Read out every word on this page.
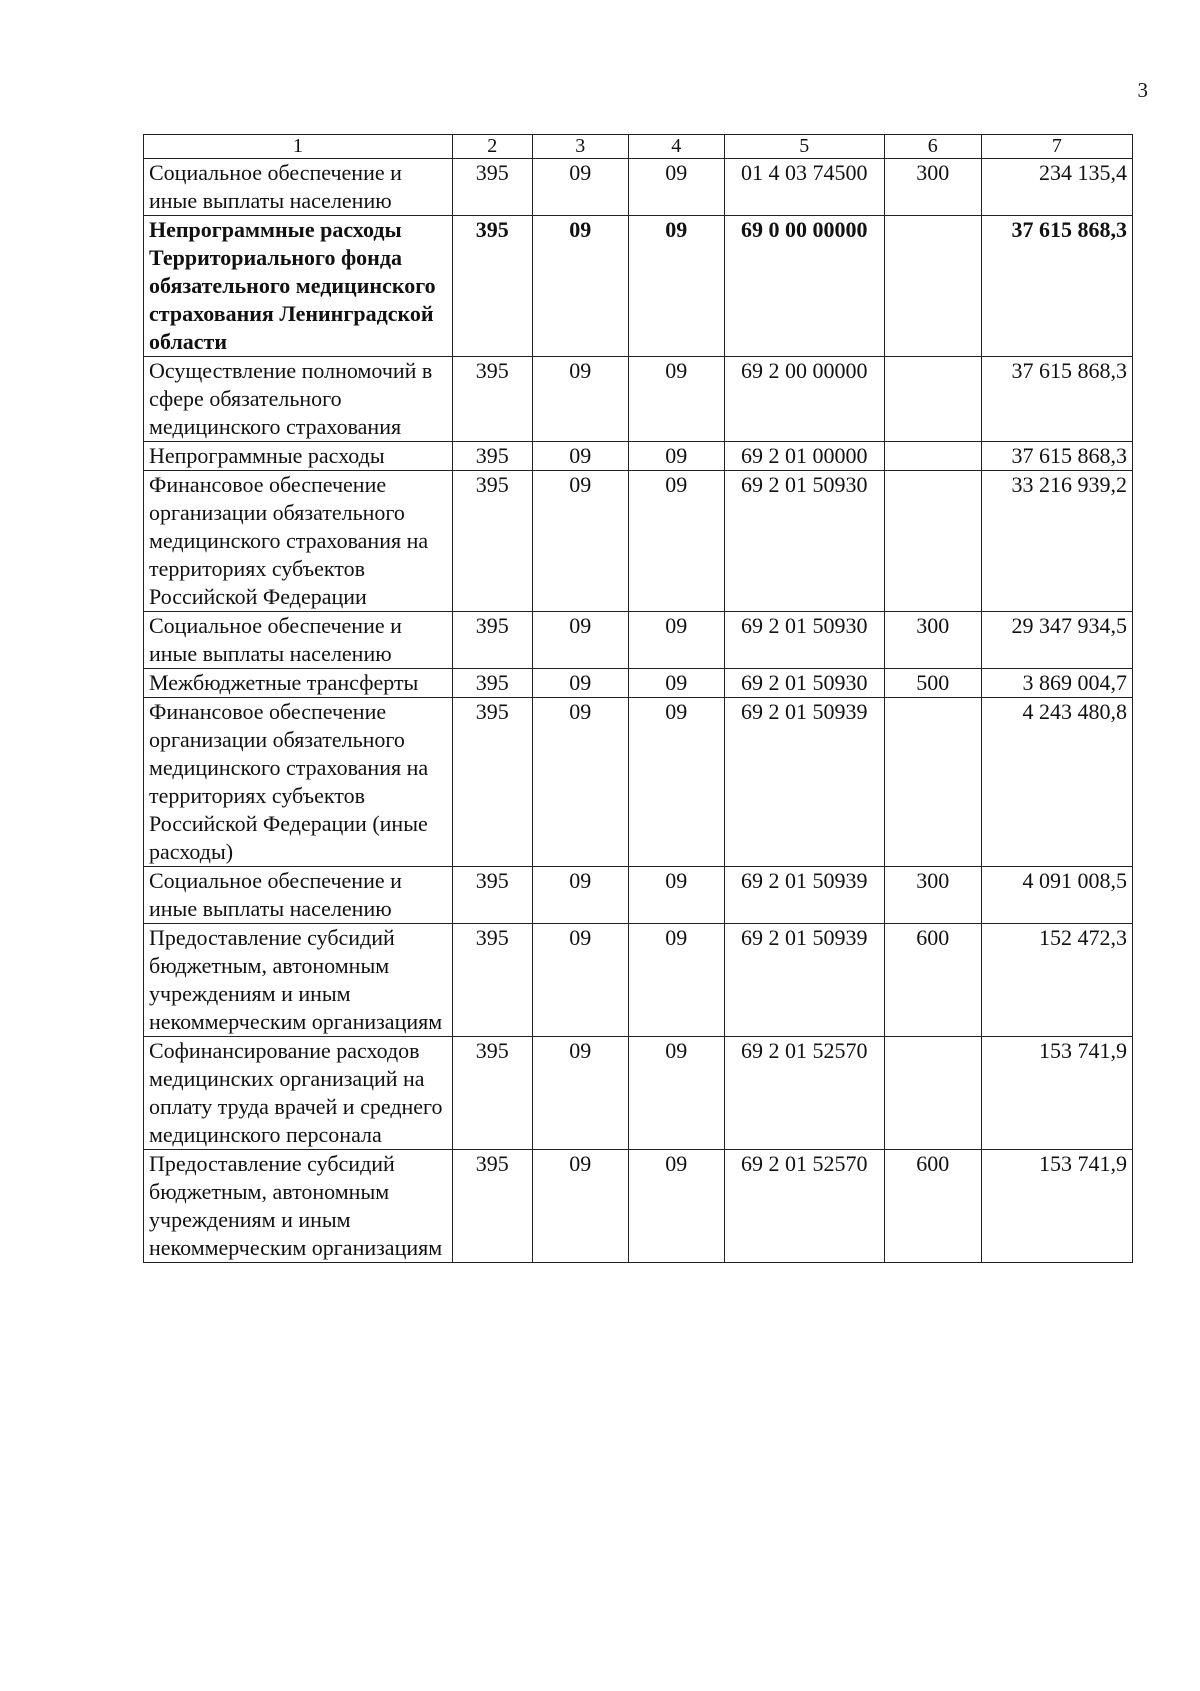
3
1	2	3	4	5	6	7
Социальное обеспечение и иные выплаты населению	395	09	09	01 4 03 74500	300	234 135,4
Непрограммные расходы Территориального фонда обязательного медицинского страхования Ленинградской области	395	09	09	69 0 00 00000		37 615 868,3
Осуществление полномочий в сфере обязательного медицинского страхования	395	09	09	69 2 00 00000		37 615 868,3
Непрограммные расходы	395	09	09	69 2 01 00000		37 615 868,3
Финансовое обеспечение организации обязательного медицинского страхования на территориях субъектов Российской Федерации	395	09	09	69 2 01 50930		33 216 939,2
Социальное обеспечение и иные выплаты населению	395	09	09	69 2 01 50930	300	29 347 934,5
Межбюджетные трансферты	395	09	09	69 2 01 50930	500	3 869 004,7
Финансовое обеспечение организации обязательного медицинского страхования на территориях субъектов Российской Федерации (иные расходы)	395	09	09	69 2 01 50939		4 243 480,8
Социальное обеспечение и иные выплаты населению	395	09	09	69 2 01 50939	300	4 091 008,5
Предоставление субсидий бюджетным, автономным учреждениям и иным некоммерческим организациям	395	09	09	69 2 01 50939	600	152 472,3
Софинансирование расходов медицинских организаций на оплату труда врачей и среднего медицинского персонала	395	09	09	69 2 01 52570		153 741,9
Предоставление субсидий бюджетным, автономным учреждениям и иным некоммерческим организациям	395	09	09	69 2 01 52570	600	153 741,9
